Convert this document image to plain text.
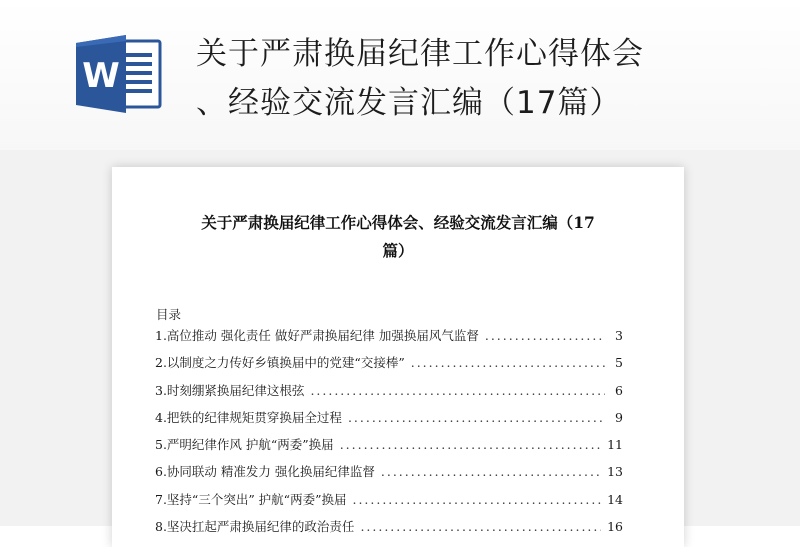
W
关于严肃换届纪律工作心得体会
、经验交流发言汇编（17篇）
关于严肃换届纪律工作心得体会、经验交流发言汇编（17
篇）
目录
1.高位推动 强化责任 做好严肃换届纪律 加强换届风气监督 .....	3
2.以制度之力传好乡镇换届中的党建“交接棒” .....	5
3.时刻绷紧换届纪律这根弦 .....	6
4.把铁的纪律规矩贯穿换届全过程 .....	9
5.严明纪律作风 护航“两委”换届 .....	11
6.协同联动 精准发力 强化换届纪律监督 .....	13
7.坚持“三个突出” 护航“两委”换届 .....	14
8.坚决扛起严肃换届纪律的政治责任 .....	16
